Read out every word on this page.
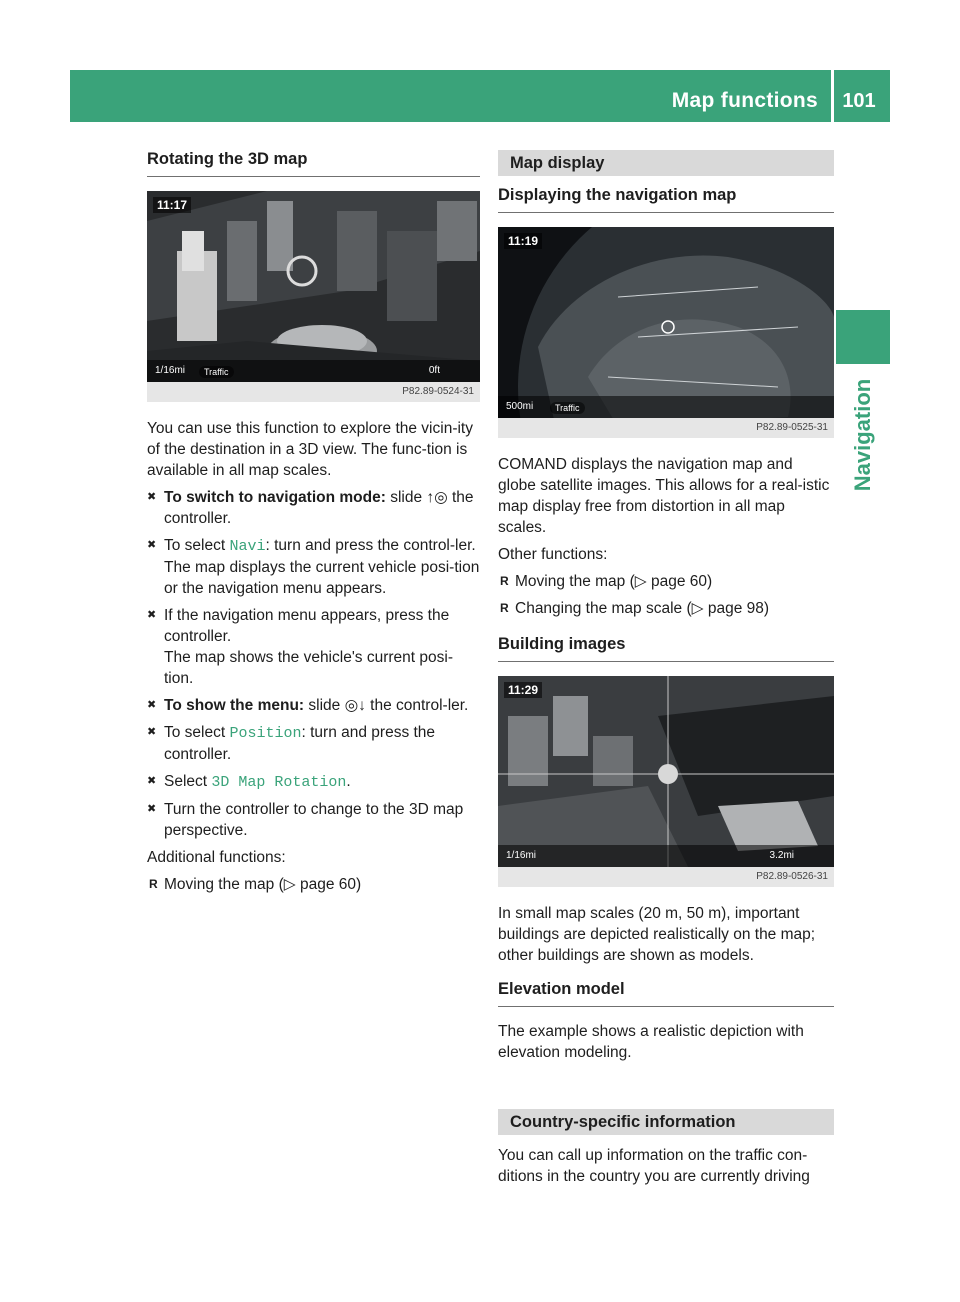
Map functions	101
Navigation
Rotating the 3D map
11:17
1/16mi	Traffic	0ft
P82.89-0524-31

You can use this function to explore the vicin-ity of the destination in a 3D view. The func-tion is available in all map scales.

✖ To switch to navigation mode: slide ↑◎ the controller.
✖ To select Navi: turn and press the control-ler.
The map displays the current vehicle posi-tion or the navigation menu appears.
✖ If the navigation menu appears, press the controller.
The map shows the vehicle's current posi-tion.
✖ To show the menu: slide ◎↓ the control-ler.
✖ To select Position: turn and press the controller.
✖ Select 3D Map Rotation.
✖ Turn the controller to change to the 3D map perspective.

Additional functions:

R Moving the map (▷ page 60)
Map display
Displaying the navigation map
11:19
500mi	Traffic
P82.89-0525-31

COMAND displays the navigation map and globe satellite images. This allows for a real-istic map display free from distortion in all map scales.

Other functions:

R Moving the map (▷ page 60)
R Changing the map scale (▷ page 98)
Building images
11:29
1/16mi	3.2mi
P82.89-0526-31

In small map scales (20 m, 50 m), important buildings are depicted realistically on the map; other buildings are shown as models.

Elevation model

The example shows a realistic depiction with elevation modeling.

Country-specific information

You can call up information on the traffic con-ditions in the country you are currently driving
